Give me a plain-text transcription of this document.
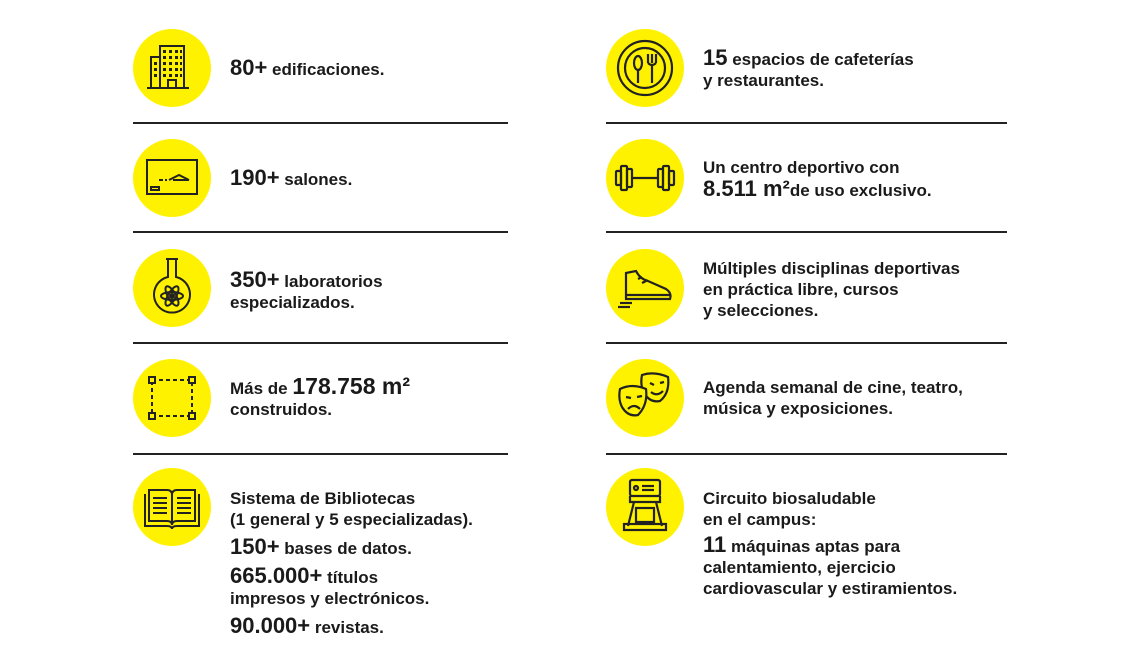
80+ edificaciones.
190+ salones.
350+ laboratorios
especializados.
Más de 178.758 m²
construidos.
Sistema de Bibliotecas
(1 general y 5 especializadas).
150+ bases de datos.
665.000+ títulos
impresos y electrónicos.
90.000+ revistas.
15 espacios de cafeterías
y restaurantes.
Un centro deportivo con
8.511 m²de uso exclusivo.
Múltiples disciplinas deportivas
en práctica libre, cursos
y selecciones.
Agenda semanal de cine, teatro,
música y exposiciones.
Circuito biosaludable
en el campus:
11 máquinas aptas para
calentamiento, ejercicio
cardiovascular y estiramientos.
